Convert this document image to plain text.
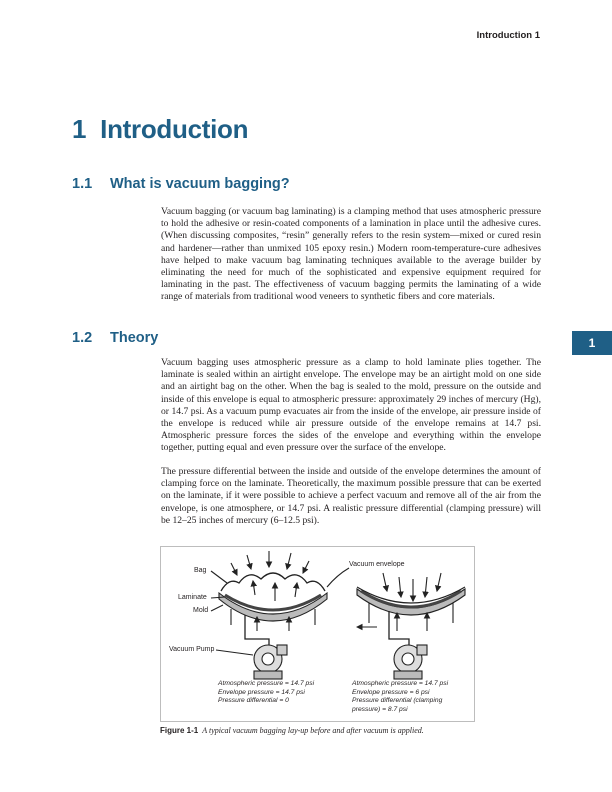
Introduction 1
1 Introduction
1.1 What is vacuum bagging?

Vacuum bagging (or vacuum bag laminating) is a clamping method that uses atmospheric pressure to hold the adhesive or resin-coated components of a lamination in place until the adhesive cures. (When discussing composites, “resin” generally refers to the resin system—mixed or cured resin and hardener—rather than unmixed 105 epoxy resin.) Modern room-temperature-cure adhesives have helped to make vacuum bag laminating techniques available to the average builder by eliminating the need for much of the sophisticated and expensive equipment required for laminating in the past. The effectiveness of vacuum bagging permits the laminating of a wide range of materials from traditional wood veneers to synthetic fibers and core materials.

1.2 Theory	1

Vacuum bagging uses atmospheric pressure as a clamp to hold laminate plies together. The laminate is sealed within an airtight envelope. The envelope may be an airtight mold on one side and an airtight bag on the other. When the bag is sealed to the mold, pressure on the outside and inside of this envelope is equal to atmospheric pressure: approximately 29 inches of mercury (Hg), or 14.7 psi. As a vacuum pump evacuates air from the inside of the envelope, air pressure inside of the envelope is reduced while air pressure outside of the envelope remains at 14.7 psi. Atmospheric pressure forces the sides of the envelope and everything within the envelope together, putting equal and even pressure over the surface of the envelope.

The pressure differential between the inside and outside of the envelope determines the amount of clamping force on the laminate. Theoretically, the maximum possible pressure that can be exerted on the laminate, if it were possible to achieve a perfect vacuum and remove all of the air from the envelope, is one atmosphere, or 14.7 psi. A realistic pressure differential (clamping pressure) will be 12–25 inches of mercury (6–12.5 psi).

Bag
Laminate
Mold
Vacuum Pump
Vacuum envelope
Atmospheric pressure = 14.7 psi
Envelope pressure = 14.7 psi
Pressure differential = 0
Atmospheric pressure = 14.7 psi
Envelope pressure = 6 psi
Pressure differential (clamping pressure) = 8.7 psi
Figure 1-1 A typical vacuum bagging lay-up before and after vacuum is applied.
